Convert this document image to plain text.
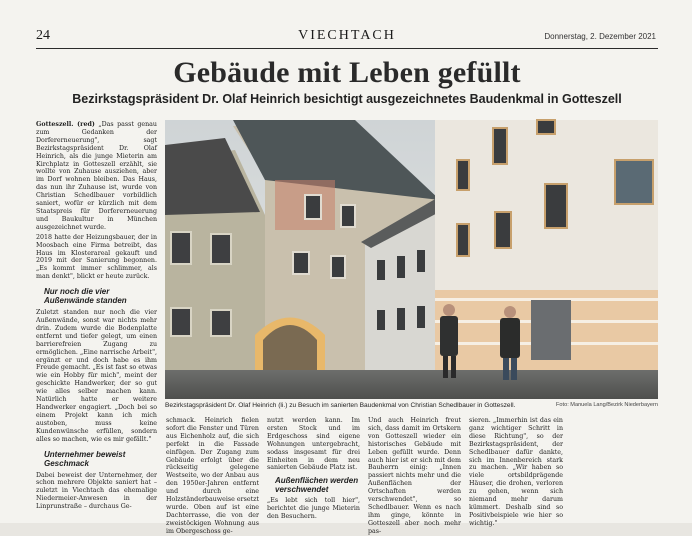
24	VIECHTACH	Donnerstag, 2. Dezember 2021
Gebäude mit Leben gefüllt
Bezirkstagspräsident Dr. Olaf Heinrich besichtigt ausgezeichnetes Baudenkmal in Gotteszell

Gotteszell. (red) „Das passt genau zum Gedanken der Dorfererneuerung", sagt Bezirkstagspräsident Dr. Olaf Heinrich, als die junge Mieterin am Kirchplatz in Gotteszell erzählt, sie wollte von Zuhause ausziehen, aber im Dorf wohnen bleiben. Das Haus, das nun ihr Zuhause ist, wurde von Christian Schedlbauer vorbildlich saniert, wofür er kürzlich mit dem Staatspreis für Dorfererneuerung und Baukultur in München ausgezeichnet wurde.

2018 hatte der Heizungsbauer, der in Moosbach eine Firma betreibt, das Haus im Klosterareal gekauft und 2019 mit der Sanierung begonnen. „Es kommt immer schlimmer, als man denkt", blickt er heute zurück.

Nur noch die vier Außenwände standen

Zuletzt standen nur noch die vier Außenwände, sonst war nichts mehr drin. Zudem wurde die Bodenplatte entfernt und tiefer gelegt, um einen barrierefreien Zugang zu ermöglichen. „Eine narrische Arbeit", ergänzt er und doch habe es ihm Freude gemacht. „Es ist fast so etwas wie ein Hobby für mich", meint der geschickte Handwerker, der so gut wie alles selber machen kann. Natürlich hatte er weitere Handwerker engagiert. „Doch bei so einem Projekt kann ich mich austoben, muss keine Kundenwünsche erfüllen, sondern alles so machen, wie es mir gefällt."

Unternehmer beweist Geschmack

Dabei beweist der Unternehmer, der schon mehrere Objekte saniert hat – zuletzt in Viechtach das ehemalige Niedermeier-Anwesen in der Linprunstraße – durchaus Ge-

Bezirkstagspräsident Dr. Olaf Heinrich (li.) zu Besuch im sanierten Baudenkmal von Christian Schedlbauer in Gotteszell.	Foto: Manuela Lang/Bezirk Niederbayern

schmack. Heinrich fielen sofort die Fenster und Türen aus Eichenholz auf, die sich perfekt in die Fassade einfügen. Der Zugang zum Gebäude erfolgt über die rückseitig gelegene Westseite, wo der Anbau aus den 1950er-Jahren entfernt und durch eine Holzständerbauweise ersetzt wurde. Oben auf ist eine Dachterrasse, die von der zweistöckigen Wohnung aus im Obergeschoss ge-

nutzt werden kann. Im ersten Stock und im Erdgeschoss sind eigene Wohnungen untergebracht, sodass insgesamt für drei Einheiten in dem neu sanierten Gebäude Platz ist.

Außenflächen werden verschwendet

„Es lebt sich toll hier", berichtet die junge Mieterin den Besuchern.

Und auch Heinrich freut sich, dass damit im Ortskern von Gotteszell wieder ein historisches Gebäude mit Leben gefüllt wurde. Denn auch hier ist er sich mit dem Bauherrn einig: „Innen passiert nichts mehr und die Außenflächen der Ortschaften werden verschwendet", so Schedlbauer. Wenn es nach ihm ginge, könnte in Gotteszell aber noch mehr pas-

sieren. „Immerhin ist das ein ganz wichtiger Schritt in diese Richtung", so der Bezirkstagspräsident, der Schedlbauer dafür dankte, sich im Innenbereich stark zu machen. „Wir haben so viele ortsbildprägende Häuser, die drohen, verloren zu gehen, wenn sich niemand mehr darum kümmert. Deshalb sind so Positivbeispiele wie hier so wichtig."
